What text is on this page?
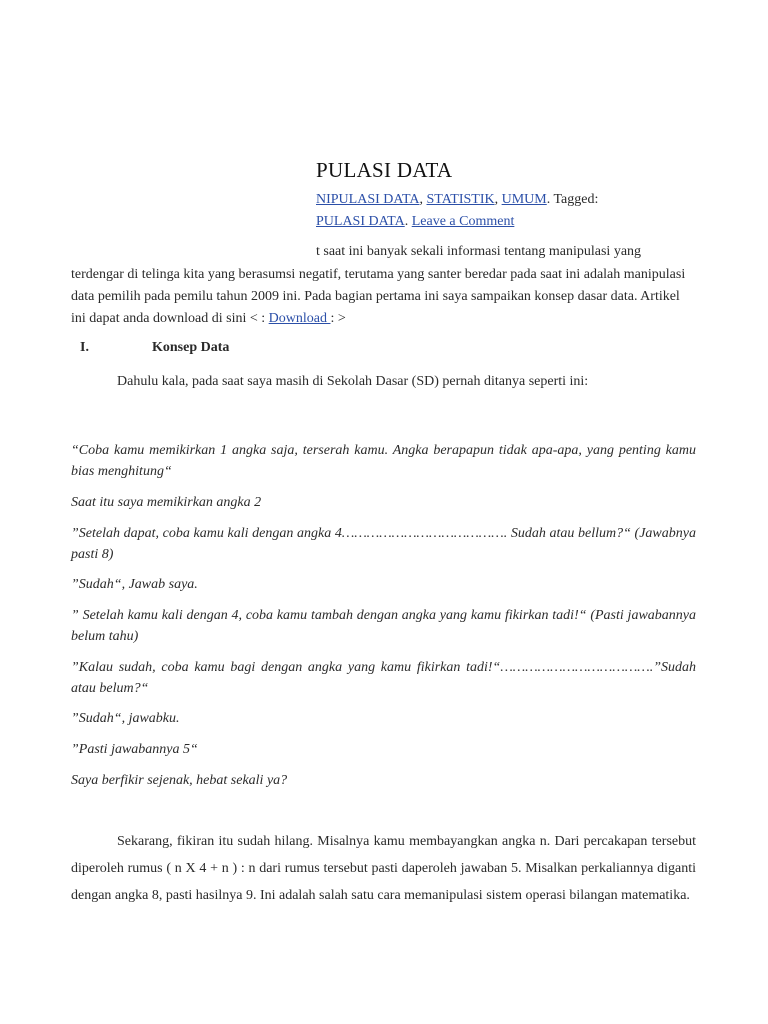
PULASI DATA
NIPULASI DATA, STATISTIK, UMUM. Tagged:
PULASI DATA. Leave a Comment
t saat ini banyak sekali informasi tentang manipulasi yang
terdengar di telinga kita yang berasumsi negatif, terutama yang santer beredar pada saat ini adalah manipulasi data pemilih pada pemilu tahun 2009 ini. Pada bagian pertama ini saya sampaikan konsep dasar data. Artikel ini dapat anda download di sini < : Download : >
I.	Konsep Data
Dahulu kala, pada saat saya masih di Sekolah Dasar (SD) pernah ditanya seperti ini:
“Coba kamu memikirkan 1 angka saja, terserah kamu. Angka berapapun tidak apa-apa, yang penting kamu bias menghitung“
Saat itu saya memikirkan angka 2
”Setelah dapat, coba kamu kali dengan angka 4…………………………………. Sudah atau bellum?“ (Jawabnya pasti 8)
”Sudah“, Jawab saya.
” Setelah kamu kali dengan 4, coba kamu tambah dengan angka yang kamu fikirkan tadi!“ (Pasti jawabannya belum tahu)
”Kalau sudah, coba kamu bagi dengan angka yang kamu fikirkan tadi!“……………………………….”Sudah atau belum?“
”Sudah“, jawabku.
”Pasti jawabannya 5“
Saya berfikir sejenak, hebat sekali ya?
Sekarang, fikiran itu sudah hilang. Misalnya kamu membayangkan angka n. Dari percakapan tersebut diperoleh rumus ( n X 4 + n ) : n dari rumus tersebut pasti daperoleh jawaban 5. Misalkan perkaliannya diganti dengan angka 8, pasti hasilnya 9. Ini adalah salah satu cara memanipulasi sistem operasi bilangan matematika.
